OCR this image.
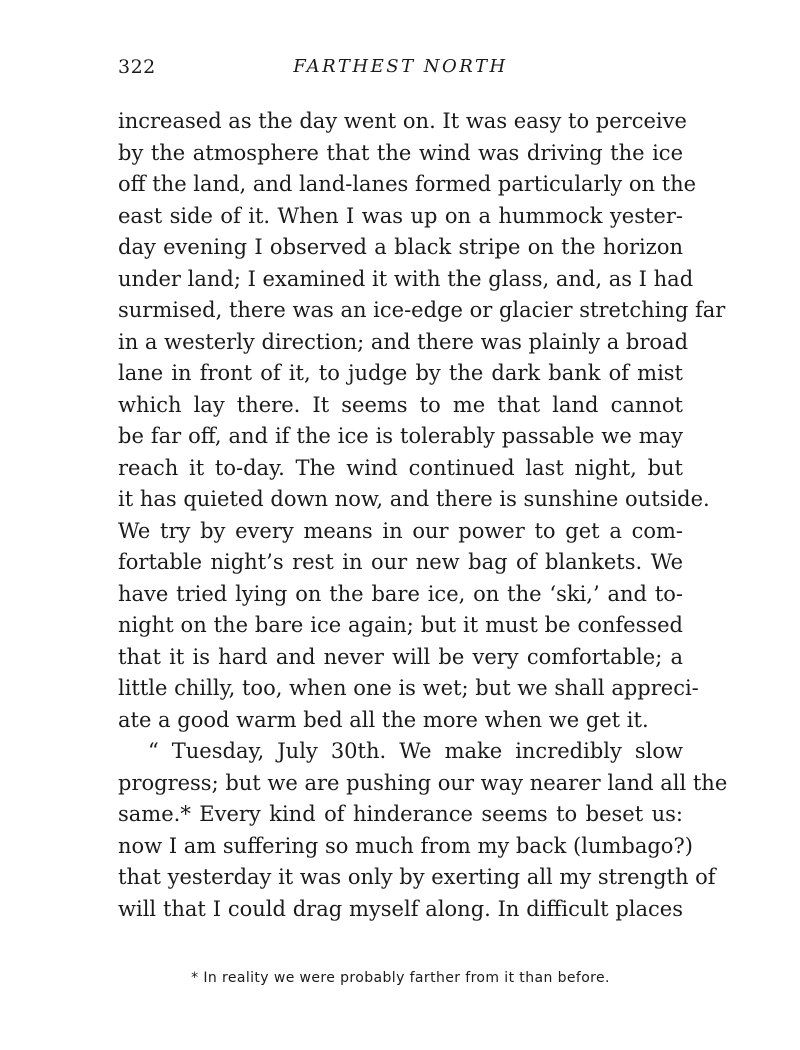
322	FARTHEST NORTH
increased as the day went on. It was easy to perceive
by the atmosphere that the wind was driving the ice
off the land, and land-lanes formed particularly on the
east side of it. When I was up on a hummock yester-
day evening I observed a black stripe on the horizon
under land; I examined it with the glass, and, as I had
surmised, there was an ice-edge or glacier stretching far
in a westerly direction; and there was plainly a broad
lane in front of it, to judge by the dark bank of mist
which lay there. It seems to me that land cannot
be far off, and if the ice is tolerably passable we may
reach it to-day. The wind continued last night, but
it has quieted down now, and there is sunshine outside.
We try by every means in our power to get a com-
fortable night’s rest in our new bag of blankets. We
have tried lying on the bare ice, on the ‘ski,’ and to-
night on the bare ice again; but it must be confessed
that it is hard and never will be very comfortable; a
little chilly, too, when one is wet; but we shall appreci-
ate a good warm bed all the more when we get it.
“ Tuesday, July 30th. We make incredibly slow
progress; but we are pushing our way nearer land all the
same.* Every kind of hinderance seems to beset us:
now I am suffering so much from my back (lumbago?)
that yesterday it was only by exerting all my strength of
will that I could drag myself along. In difficult places
* In reality we were probably farther from it than before.
